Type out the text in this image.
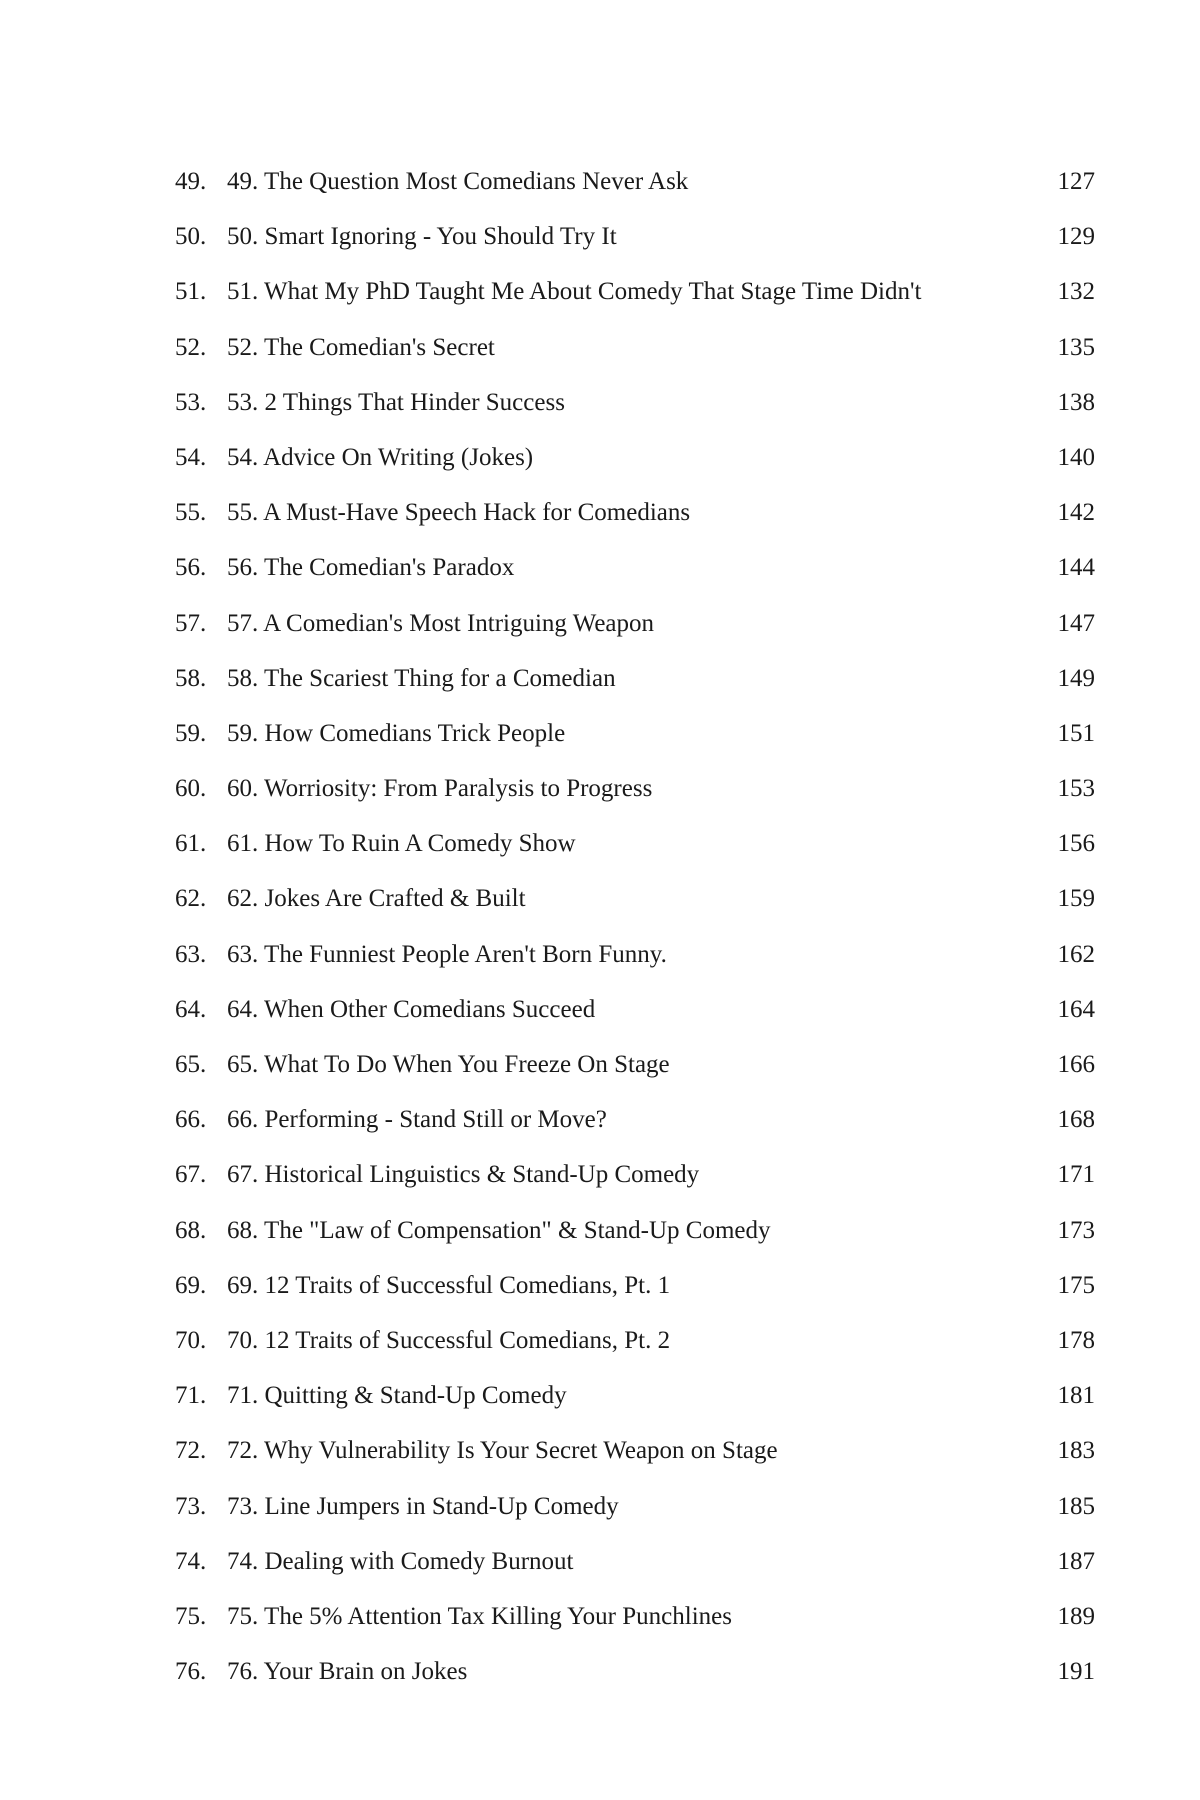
49. 49. The Question Most Comedians Never Ask	127
50. 50. Smart Ignoring - You Should Try It	129
51. 51. What My PhD Taught Me About Comedy That Stage Time Didn't	132
52. 52. The Comedian's Secret	135
53. 53. 2 Things That Hinder Success	138
54. 54. Advice On Writing (Jokes)	140
55. 55. A Must-Have Speech Hack for Comedians	142
56. 56. The Comedian's Paradox	144
57. 57. A Comedian's Most Intriguing Weapon	147
58. 58. The Scariest Thing for a Comedian	149
59. 59. How Comedians Trick People	151
60. 60. Worriosity: From Paralysis to Progress	153
61. 61. How To Ruin A Comedy Show	156
62. 62. Jokes Are Crafted & Built	159
63. 63. The Funniest People Aren't Born Funny.	162
64. 64. When Other Comedians Succeed	164
65. 65. What To Do When You Freeze On Stage	166
66. 66. Performing - Stand Still or Move?	168
67. 67. Historical Linguistics & Stand-Up Comedy	171
68. 68. The "Law of Compensation" & Stand-Up Comedy	173
69. 69. 12 Traits of Successful Comedians, Pt. 1	175
70. 70. 12 Traits of Successful Comedians, Pt. 2	178
71. 71. Quitting & Stand-Up Comedy	181
72. 72. Why Vulnerability Is Your Secret Weapon on Stage	183
73. 73. Line Jumpers in Stand-Up Comedy	185
74. 74. Dealing with Comedy Burnout	187
75. 75. The 5% Attention Tax Killing Your Punchlines	189
76. 76. Your Brain on Jokes	191
